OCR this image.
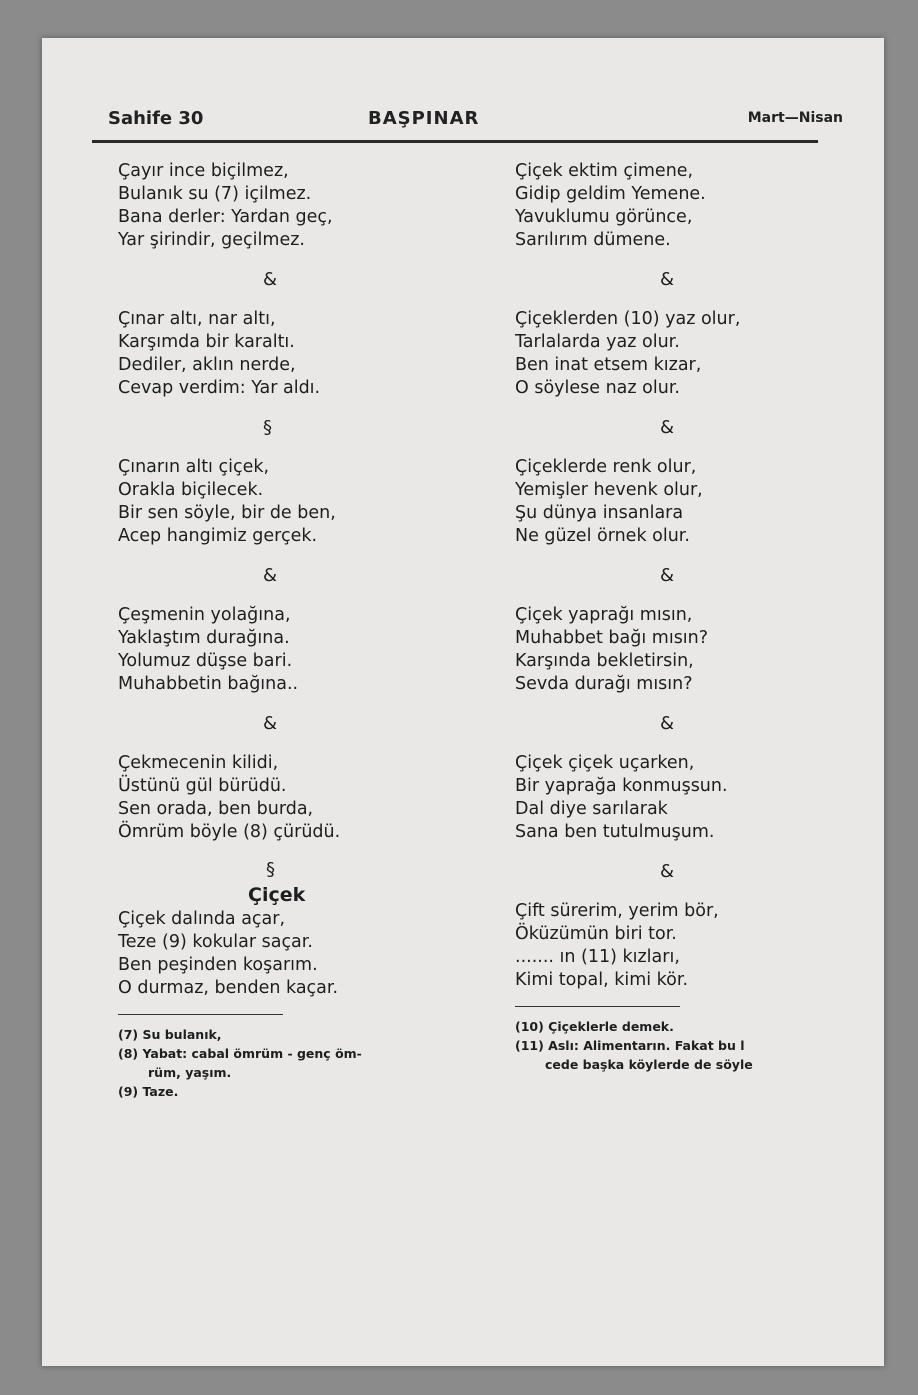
Sahife 30	BAŞPINAR	Mart—Nisan
Çayır ince biçilmez,
Bulanık su (7) içilmez.
Bana derler: Yardan geç,
Yar şirindir, geçilmez.
&
Çınar altı, nar altı,
Karşımda bir karaltı.
Dediler, aklın nerde,
Cevap verdim: Yar aldı.
§
Çınarın altı çiçek,
Orakla biçilecek.
Bir sen söyle, bir de ben,
Acep hangimiz gerçek.
&
Çeşmenin yolağına,
Yaklaştım durağına.
Yolumuz düşse bari.
Muhabbetin bağına..
&
Çekmecenin kilidi,
Üstünü gül bürüdü.
Sen orada, ben burda,
Ömrüm böyle (8) çürüdü.
§
Çiçek
Çiçek dalında açar,
Teze (9) kokular saçar.
Ben peşinden koşarım.
O durmaz, benden kaçar.
(7) Su bulanık,
(8) Yabat: cabal ömrüm - genç öm-
rüm, yaşım.
(9) Taze.
Çiçek ektim çimene,
Gidip geldim Yemene.
Yavuklumu görünce,
Sarılırım dümene.
&
Çiçeklerden (10) yaz olur,
Tarlalarda yaz olur.
Ben inat etsem kızar,
O söylese naz olur.
&
Çiçeklerde renk olur,
Yemişler hevenk olur,
Şu dünya insanlara
Ne güzel örnek olur.
&
Çiçek yaprağı mısın,
Muhabbet bağı mısın?
Karşında bekletirsin,
Sevda durağı mısın?
&
Çiçek çiçek uçarken,
Bir yaprağa konmuşsun.
Dal diye sarılarak
Sana ben tutulmuşum.
&
Çift sürerim, yerim bör,
Öküzümün biri tor.
....... ın (11) kızları,
Kimi topal, kimi kör.
(10) Çiçeklerle demek.
(11) Aslı: Alimentarın. Fakat bu l
cede başka köylerde de söyle
